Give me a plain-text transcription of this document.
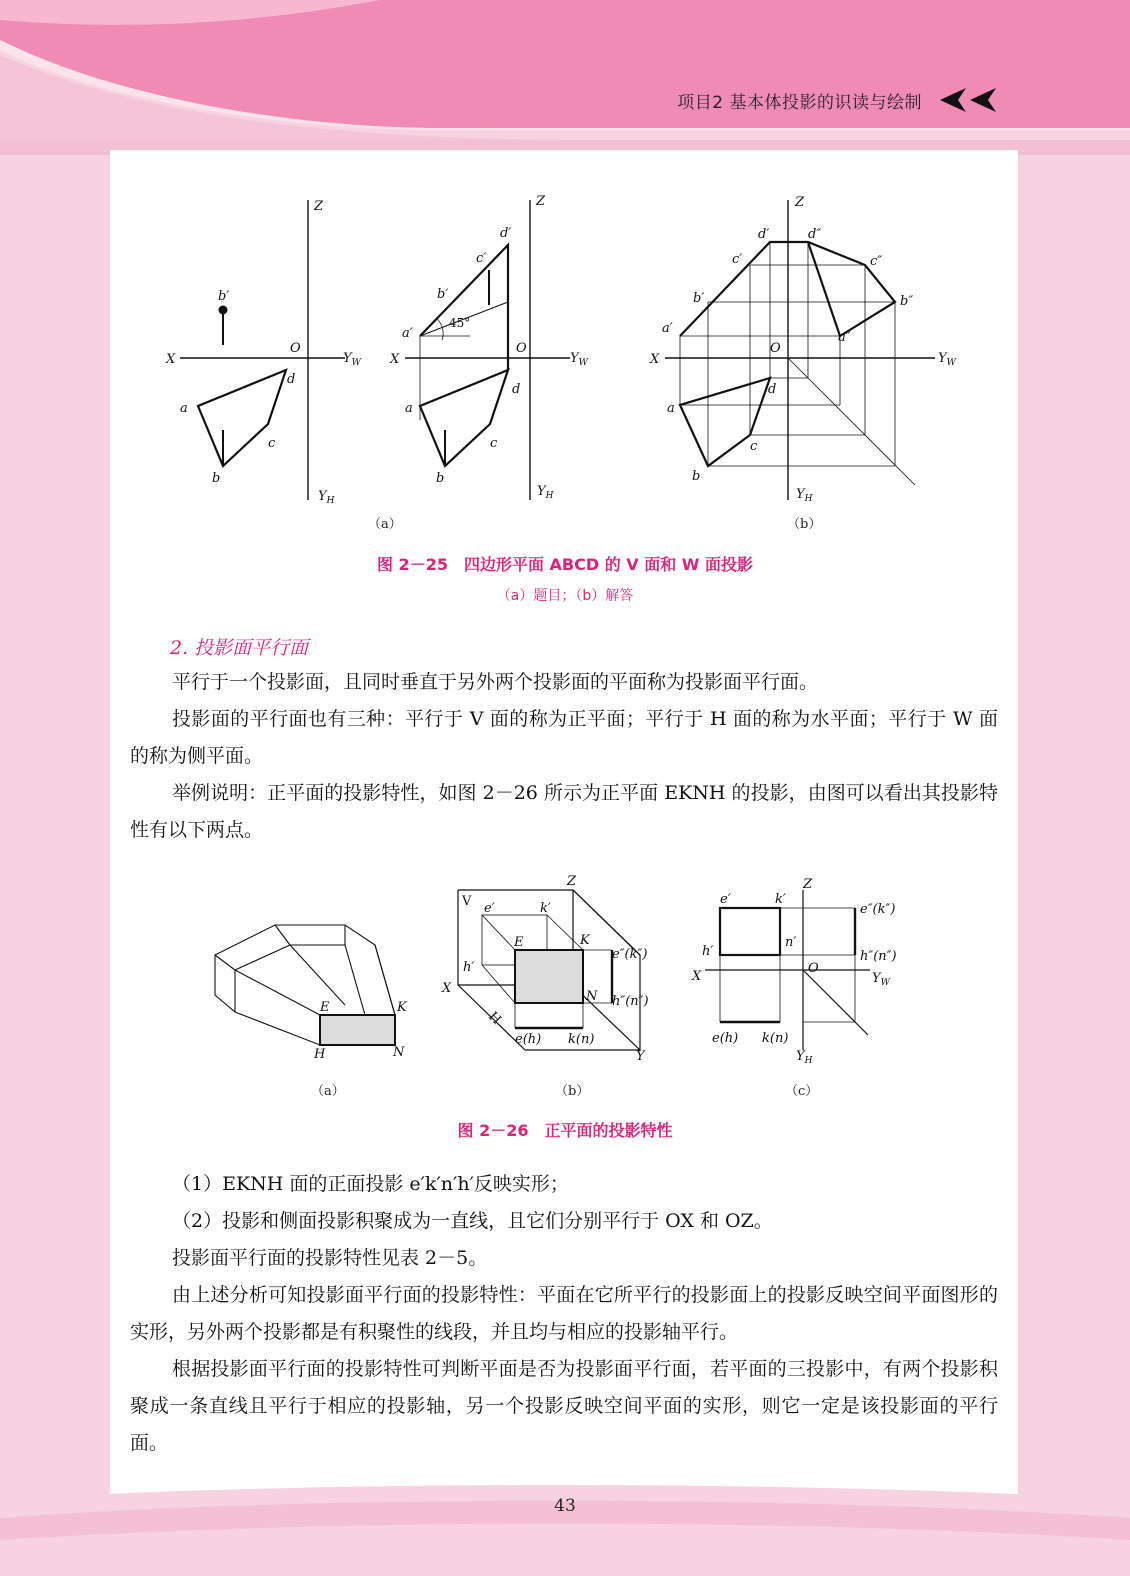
项目2 基本体投影的识读与绘制
Z
X
O
$Y_W$
$Y_H$
b′
a
b
c
d
Z
X
O
$Y_W$
$Y_H$
45°
d′
c′
b′
a′
a
b
c
d
Z
X
O
$Y_W$
$Y_H$
d′	d″
c′	c″
b′	b″
a′
a″
a
b
c
d
（a）	（b）
图 2－25　四边形平面 ABCD 的 V 面和 W 面投影
（a）题目；（b）解答
2. 投影面平行面
平行于一个投影面，且同时垂直于另外两个投影面的平面称为投影面平行面。
投影面的平行面也有三种：平行于 V 面的称为正平面；平行于 H 面的称为水平面；平行于 W 面的称为侧平面。
举例说明：正平面的投影特性，如图 2－26 所示为正平面 EKNH 的投影，由图可以看出其投影特性有以下两点。
E	K
H	N
V
Z
X
Y
H
e′	k′
h′
E	K
N
e″(k″)
h″(n″)
e(h) k(n)
e′	k′
Z
h′
n′
O
X	$Y_W$
e″(k″)
h″(n″)
e(h) k(n)
$Y_H$
（a）	（b）	（c）
图 2－26　正平面的投影特性
（1）EKNH 面的正面投影 e′k′n′h′反映实形；
（2）投影和侧面投影积聚成为一直线，且它们分别平行于 OX 和 OZ。
投影面平行面的投影特性见表 2－5。
由上述分析可知投影面平行面的投影特性：平面在它所平行的投影面上的投影反映空间平面图形的实形，另外两个投影都是有积聚性的线段，并且均与相应的投影轴平行。
根据投影面平行面的投影特性可判断平面是否为投影面平行面，若平面的三投影中，有两个投影积聚成一条直线且平行于相应的投影轴，另一个投影反映空间平面的实形，则它一定是该投影面的平行面。
43
